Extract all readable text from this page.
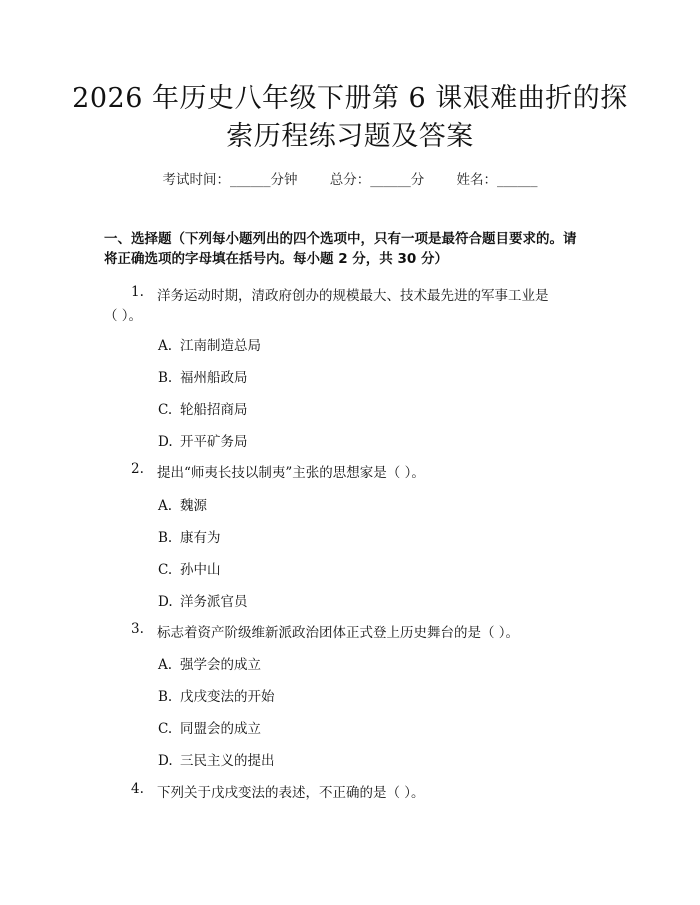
2026 年历史八年级下册第 6 课艰难曲折的探
索历程练习题及答案
考试时间：______分钟 总分：______分 姓名：______
一、选择题（下列每小题列出的四个选项中，只有一项是最符合题目要求的。请
将正确选项的字母填在括号内。每小题 2 分，共 30 分）
1. 洋务运动时期，清政府创办的规模最大、技术最先进的军事工业是
（ ）。
A. 江南制造总局
B. 福州船政局
C. 轮船招商局
D. 开平矿务局
2. 提出“师夷长技以制夷”主张的思想家是（ ）。
A. 魏源
B. 康有为
C. 孙中山
D. 洋务派官员
3. 标志着资产阶级维新派政治团体正式登上历史舞台的是（ ）。
A. 强学会的成立
B. 戊戌变法的开始
C. 同盟会的成立
D. 三民主义的提出
4. 下列关于戊戌变法的表述，不正确的是（ ）。
